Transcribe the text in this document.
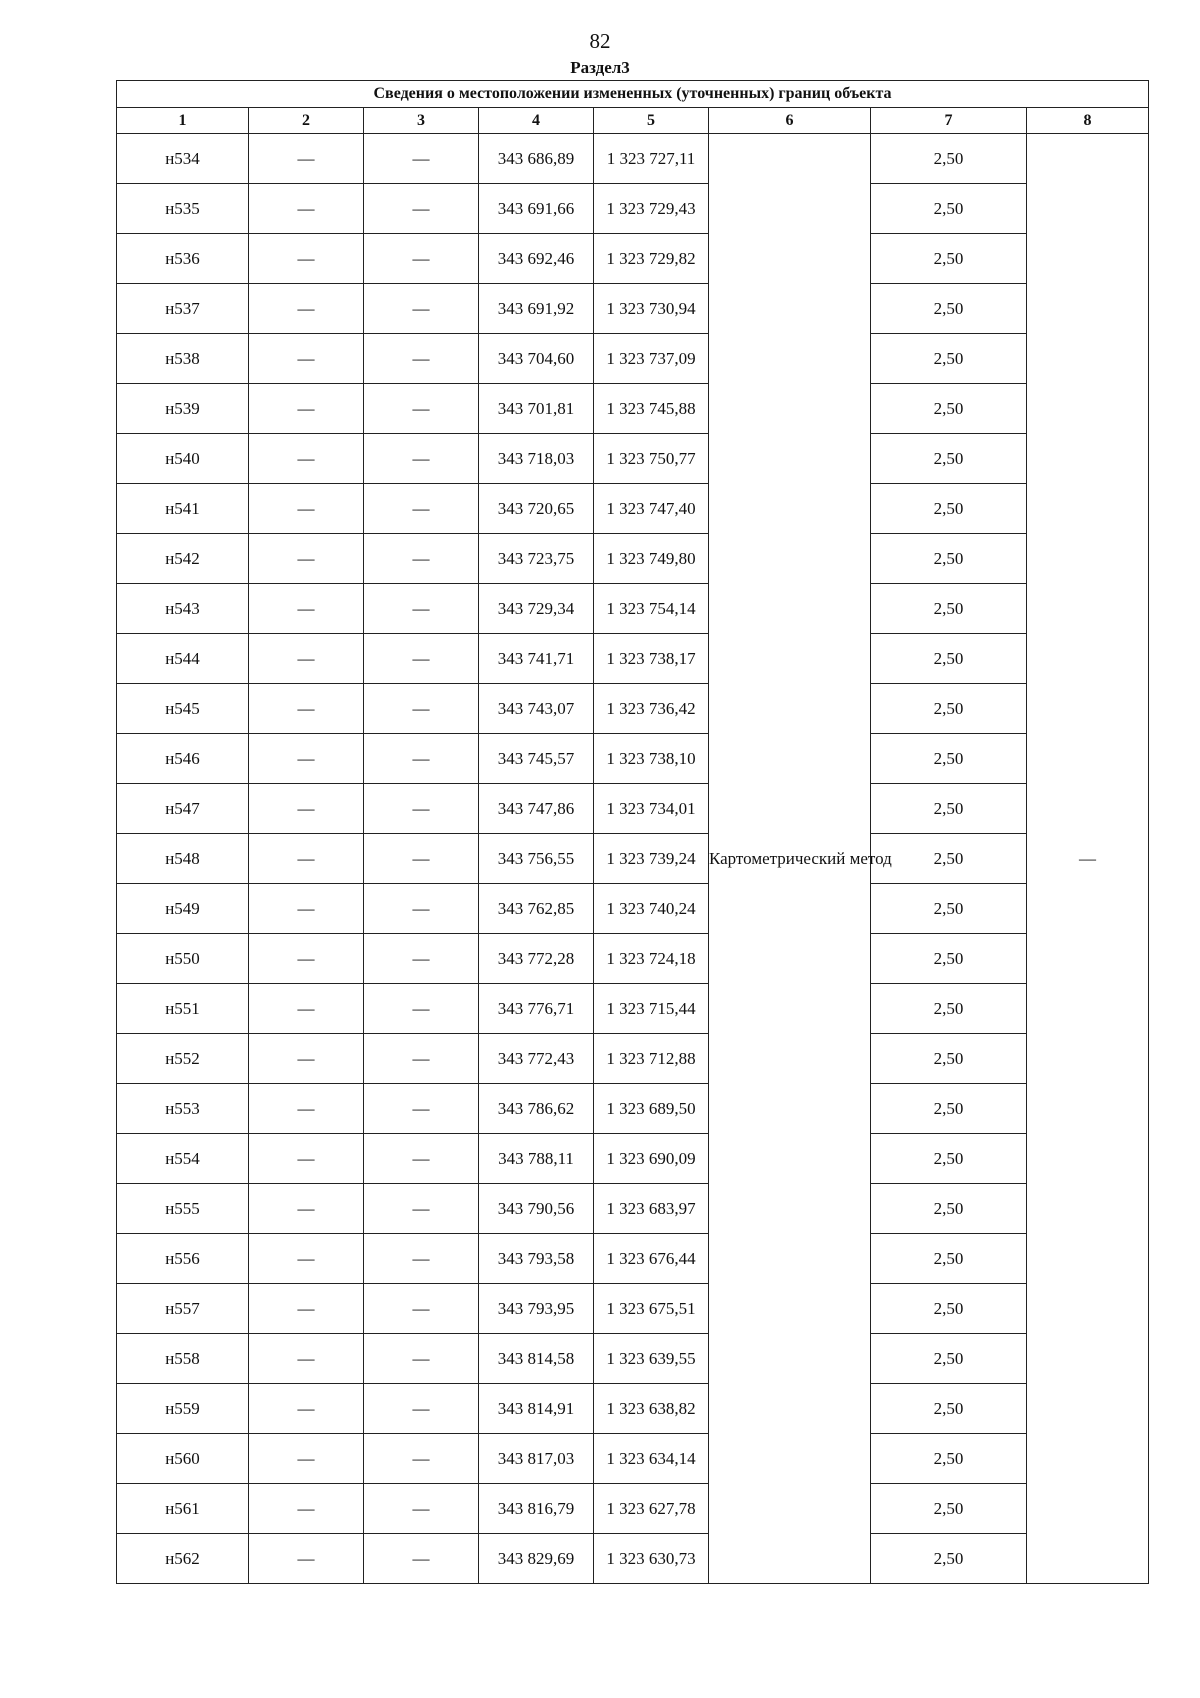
82
Раздел3
Сведения о местоположении измененных (уточненных) границ объекта							
1	2	3	4	5	6	7	8
н534	—	—	343 686,89	1 323 727,11	Картометрический метод	2,50	—
н535	—	—	343 691,66	1 323 729,43		2,50	
н536	—	—	343 692,46	1 323 729,82		2,50	
н537	—	—	343 691,92	1 323 730,94		2,50	
н538	—	—	343 704,60	1 323 737,09		2,50	
н539	—	—	343 701,81	1 323 745,88		2,50	
н540	—	—	343 718,03	1 323 750,77		2,50	
н541	—	—	343 720,65	1 323 747,40		2,50	
н542	—	—	343 723,75	1 323 749,80		2,50	
н543	—	—	343 729,34	1 323 754,14		2,50	
н544	—	—	343 741,71	1 323 738,17		2,50	
н545	—	—	343 743,07	1 323 736,42		2,50	
н546	—	—	343 745,57	1 323 738,10		2,50	
н547	—	—	343 747,86	1 323 734,01		2,50	
н548	—	—	343 756,55	1 323 739,24		2,50	
н549	—	—	343 762,85	1 323 740,24		2,50	
н550	—	—	343 772,28	1 323 724,18		2,50	
н551	—	—	343 776,71	1 323 715,44		2,50	
н552	—	—	343 772,43	1 323 712,88		2,50	
н553	—	—	343 786,62	1 323 689,50		2,50	
н554	—	—	343 788,11	1 323 690,09		2,50	
н555	—	—	343 790,56	1 323 683,97		2,50	
н556	—	—	343 793,58	1 323 676,44		2,50	
н557	—	—	343 793,95	1 323 675,51		2,50	
н558	—	—	343 814,58	1 323 639,55		2,50	
н559	—	—	343 814,91	1 323 638,82		2,50	
н560	—	—	343 817,03	1 323 634,14		2,50	
н561	—	—	343 816,79	1 323 627,78		2,50	
н562	—	—	343 829,69	1 323 630,73		2,50	
